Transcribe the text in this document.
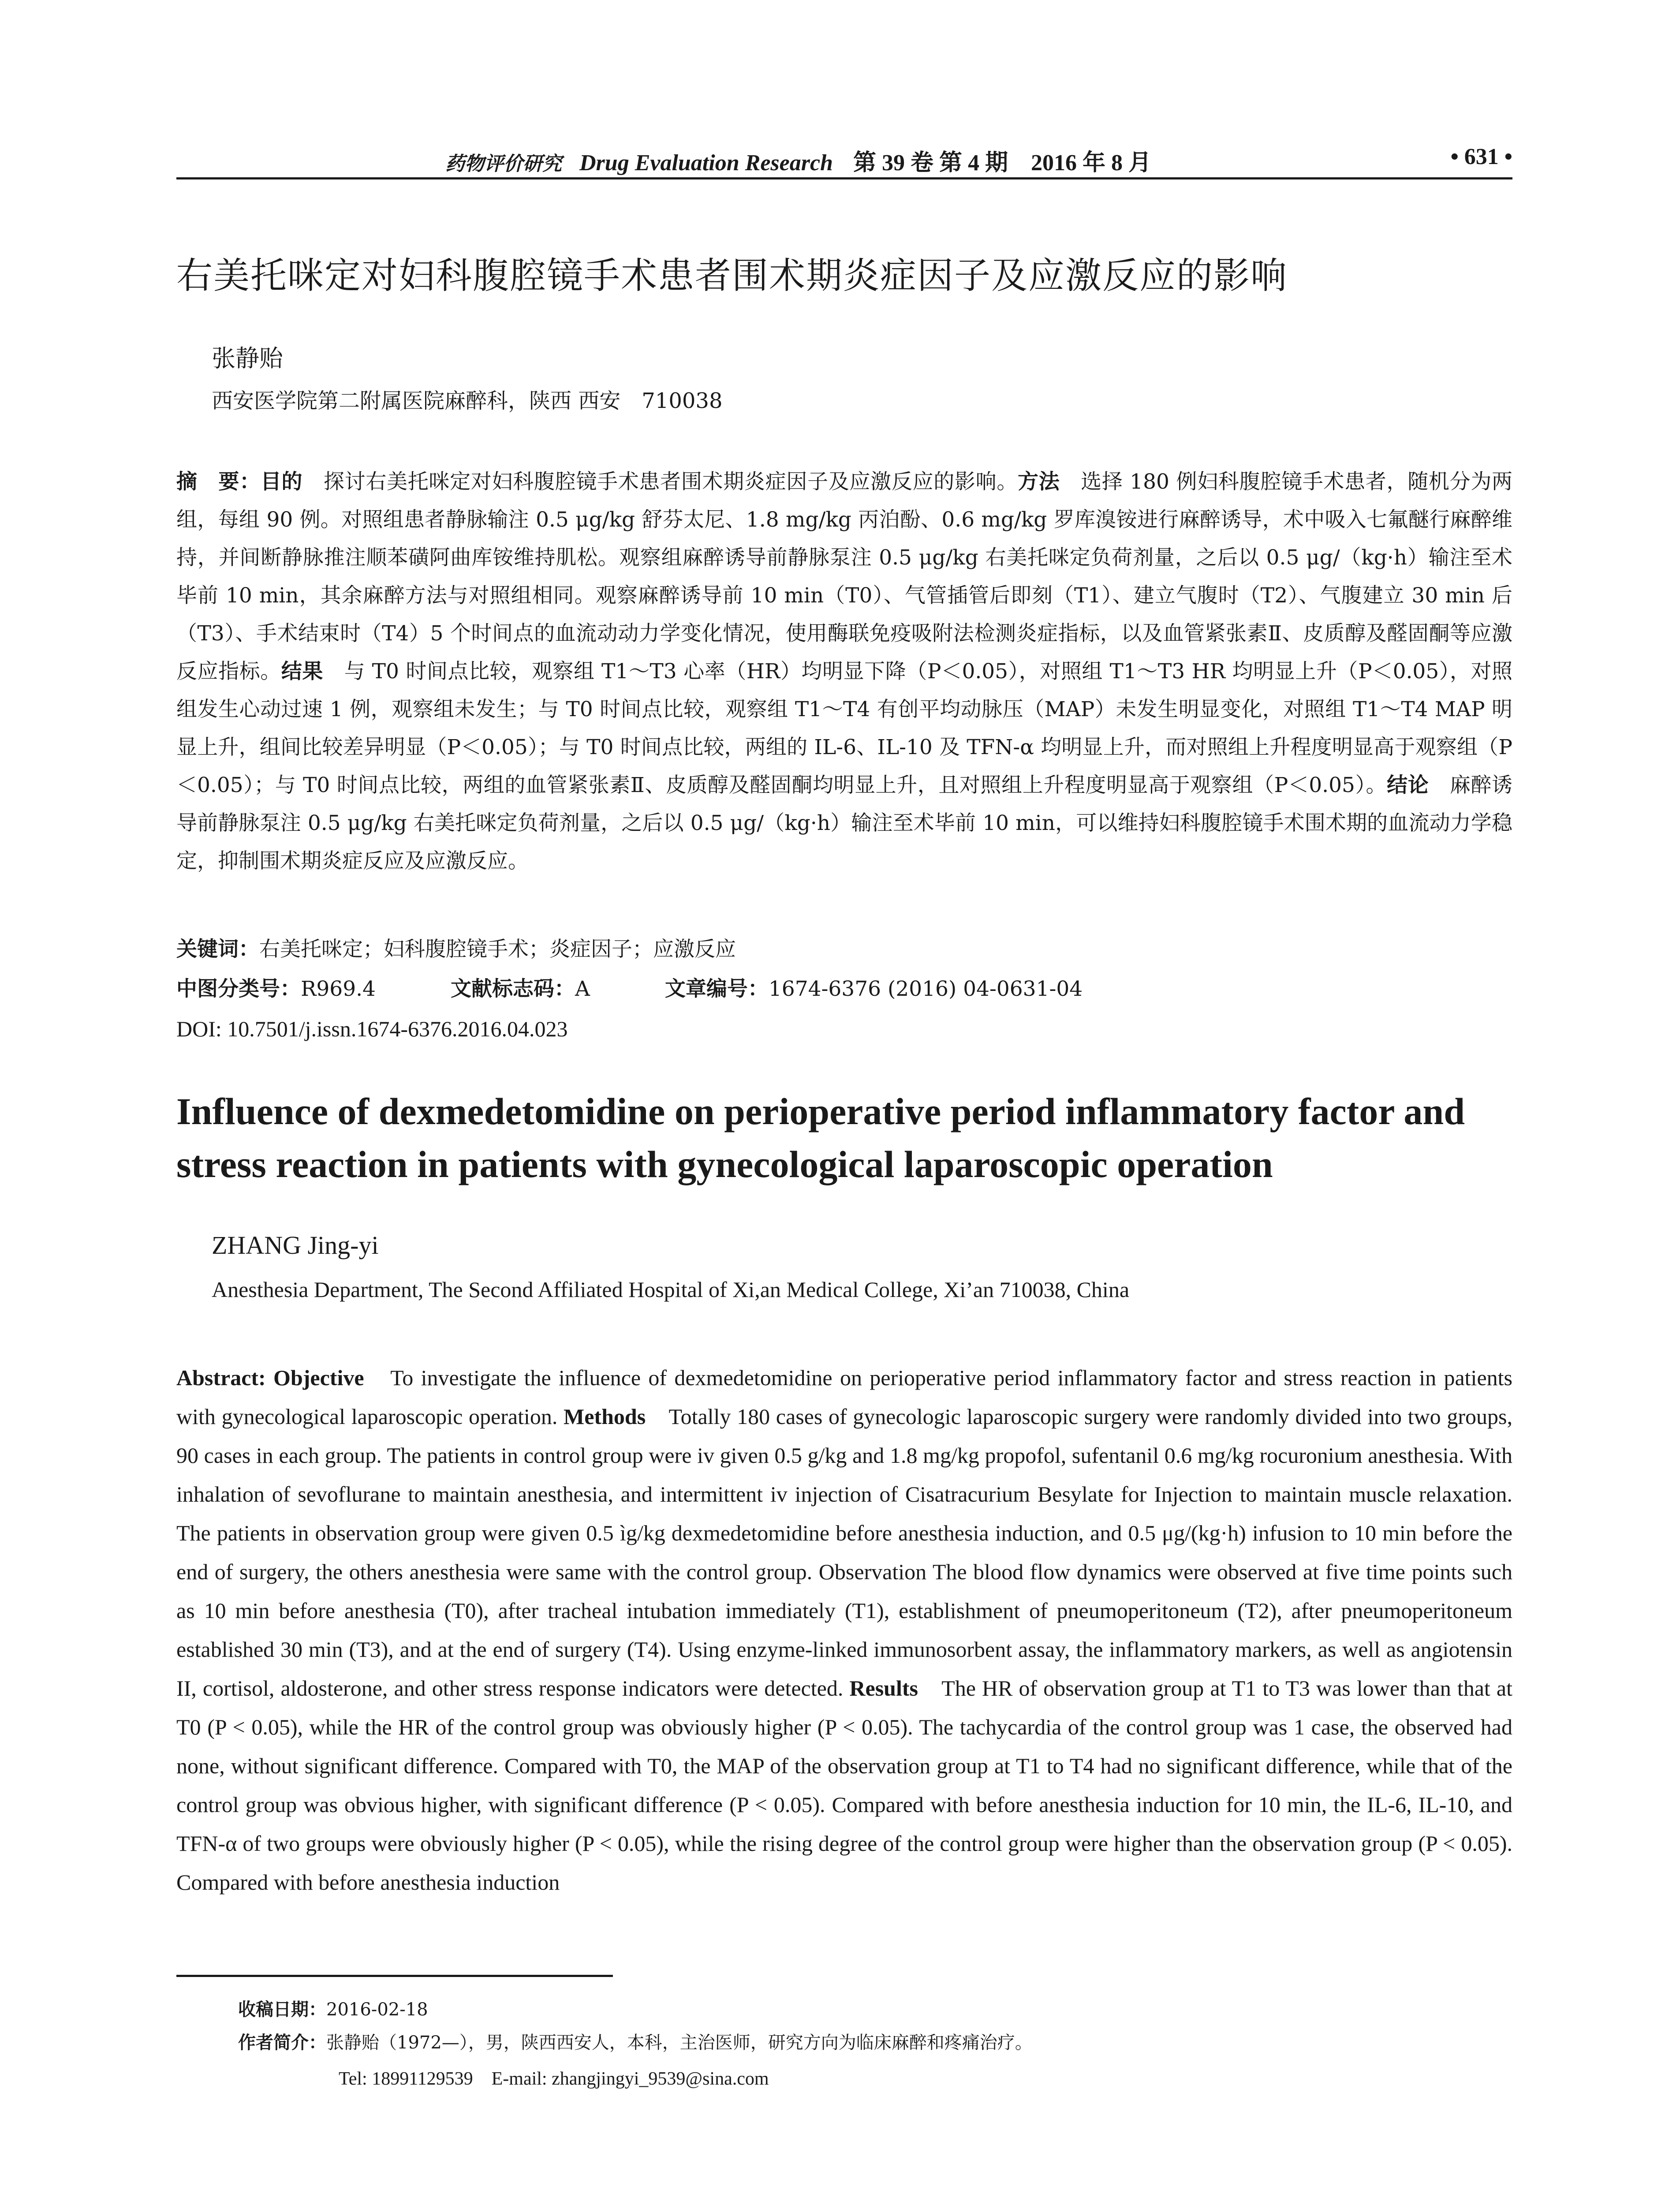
药物评价研究 Drug Evaluation Research 第 39 卷 第 4 期　2016 年 8 月	• 631 •
右美托咪定对妇科腹腔镜手术患者围术期炎症因子及应激反应的影响
张静贻
西安医学院第二附属医院麻醉科，陕西 西安　710038
摘　要：目的　探讨右美托咪定对妇科腹腔镜手术患者围术期炎症因子及应激反应的影响。方法　选择 180 例妇科腹腔镜手术患者，随机分为两组，每组 90 例。对照组患者静脉输注 0.5 μg/kg 舒芬太尼、1.8 mg/kg 丙泊酚、0.6 mg/kg 罗库溴铵进行麻醉诱导，术中吸入七氟醚行麻醉维持，并间断静脉推注顺苯磺阿曲库铵维持肌松。观察组麻醉诱导前静脉泵注 0.5 μg/kg 右美托咪定负荷剂量，之后以 0.5 μg/（kg·h）输注至术毕前 10 min，其余麻醉方法与对照组相同。观察麻醉诱导前 10 min（T0）、气管插管后即刻（T1）、建立气腹时（T2）、气腹建立 30 min 后（T3）、手术结束时（T4）5 个时间点的血流动动力学变化情况，使用酶联免疫吸附法检测炎症指标，以及血管紧张素Ⅱ、皮质醇及醛固酮等应激反应指标。结果　与 T0 时间点比较，观察组 T1～T3 心率（HR）均明显下降（P＜0.05），对照组 T1～T3 HR 均明显上升（P＜0.05），对照组发生心动过速 1 例，观察组未发生；与 T0 时间点比较，观察组 T1～T4 有创平均动脉压（MAP）未发生明显变化，对照组 T1～T4 MAP 明显上升，组间比较差异明显（P＜0.05）；与 T0 时间点比较，两组的 IL-6、IL-10 及 TFN-α 均明显上升，而对照组上升程度明显高于观察组（P＜0.05）；与 T0 时间点比较，两组的血管紧张素Ⅱ、皮质醇及醛固酮均明显上升，且对照组上升程度明显高于观察组（P＜0.05）。结论　麻醉诱导前静脉泵注 0.5 μg/kg 右美托咪定负荷剂量，之后以 0.5 μg/（kg·h）输注至术毕前 10 min，可以维持妇科腹腔镜手术围术期的血流动力学稳定，抑制围术期炎症反应及应激反应。
关键词：右美托咪定；妇科腹腔镜手术；炎症因子；应激反应
中图分类号：R969.4	文献标志码：A	文章编号：1674-6376 (2016) 04-0631-04
DOI: 10.7501/j.issn.1674-6376.2016.04.023
Influence of dexmedetomidine on perioperative period inflammatory factor and stress reaction in patients with gynecological laparoscopic operation
ZHANG Jing-yi
Anesthesia Department, The Second Affiliated Hospital of Xi,an Medical College, Xi’an 710038, China
Abstract: Objective　To investigate the influence of dexmedetomidine on perioperative period inflammatory factor and stress reaction in patients with gynecological laparoscopic operation. Methods　Totally 180 cases of gynecologic laparoscopic surgery were randomly divided into two groups, 90 cases in each group. The patients in control group were iv given 0.5 g/kg and 1.8 mg/kg propofol, sufentanil 0.6 mg/kg rocuronium anesthesia. With inhalation of sevoflurane to maintain anesthesia, and intermittent iv injection of Cisatracurium Besylate for Injection to maintain muscle relaxation. The patients in observation group were given 0.5 ìg/kg dexmedetomidine before anesthesia induction, and 0.5 μg/(kg·h) infusion to 10 min before the end of surgery, the others anesthesia were same with the control group. Observation The blood flow dynamics were observed at five time points such as 10 min before anesthesia (T0), after tracheal intubation immediately (T1), establishment of pneumoperitoneum (T2), after pneumoperitoneum established 30 min (T3), and at the end of surgery (T4). Using enzyme-linked immunosorbent assay, the inflammatory markers, as well as angiotensin II, cortisol, aldosterone, and other stress response indicators were detected. Results　The HR of observation group at T1 to T3 was lower than that at T0 (P < 0.05), while the HR of the control group was obviously higher (P < 0.05). The tachycardia of the control group was 1 case, the observed had none, without significant difference. Compared with T0, the MAP of the observation group at T1 to T4 had no significant difference, while that of the control group was obvious higher, with significant difference (P < 0.05). Compared with before anesthesia induction for 10 min, the IL-6, IL-10, and TFN-α of two groups were obviously higher (P < 0.05), while the rising degree of the control group were higher than the observation group (P < 0.05). Compared with before anesthesia induction
收稿日期：2016-02-18
作者简介：张静贻（1972—），男，陕西西安人，本科，主治医师，研究方向为临床麻醉和疼痛治疗。
Tel: 18991129539　E-mail: zhangjingyi_9539@sina.com
